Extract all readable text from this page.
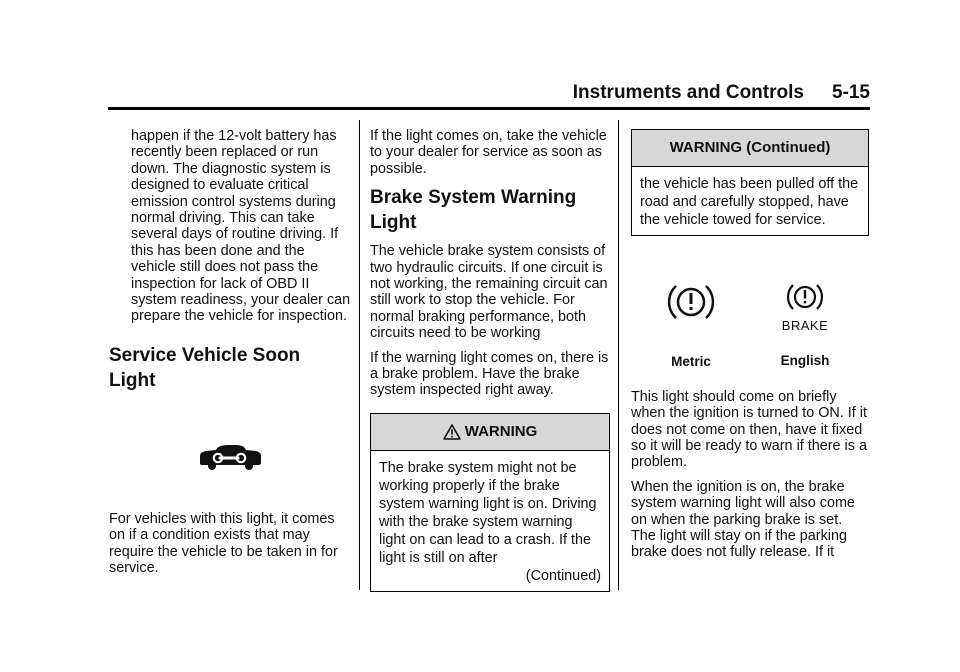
Instruments and Controls 5-15

happen if the 12-volt battery has recently been replaced or run down. The diagnostic system is designed to evaluate critical emission control systems during normal driving. This can take several days of routine driving. If this has been done and the vehicle still does not pass the inspection for lack of OBD II system readiness, your dealer can prepare the vehicle for inspection.

Service Vehicle Soon Light

For vehicles with this light, it comes on if a condition exists that may require the vehicle to be taken in for service.

If the light comes on, take the vehicle to your dealer for service as soon as possible.

Brake System Warning Light

The vehicle brake system consists of two hydraulic circuits. If one circuit is not working, the remaining circuit can still work to stop the vehicle. For normal braking performance, both circuits need to be working

If the warning light comes on, there is a brake problem. Have the brake system inspected right away.

WARNING
The brake system might not be working properly if the brake system warning light is on. Driving with the brake system warning light on can lead to a crash. If the light is still on after
(Continued)
WARNING (Continued)
the vehicle has been pulled off the road and carefully stopped, have the vehicle towed for service.
Metric
BRAKE
English

This light should come on briefly when the ignition is turned to ON. If it does not come on then, have it fixed so it will be ready to warn if there is a problem.

When the ignition is on, the brake system warning light will also come on when the parking brake is set. The light will stay on if the parking brake does not fully release. If it
